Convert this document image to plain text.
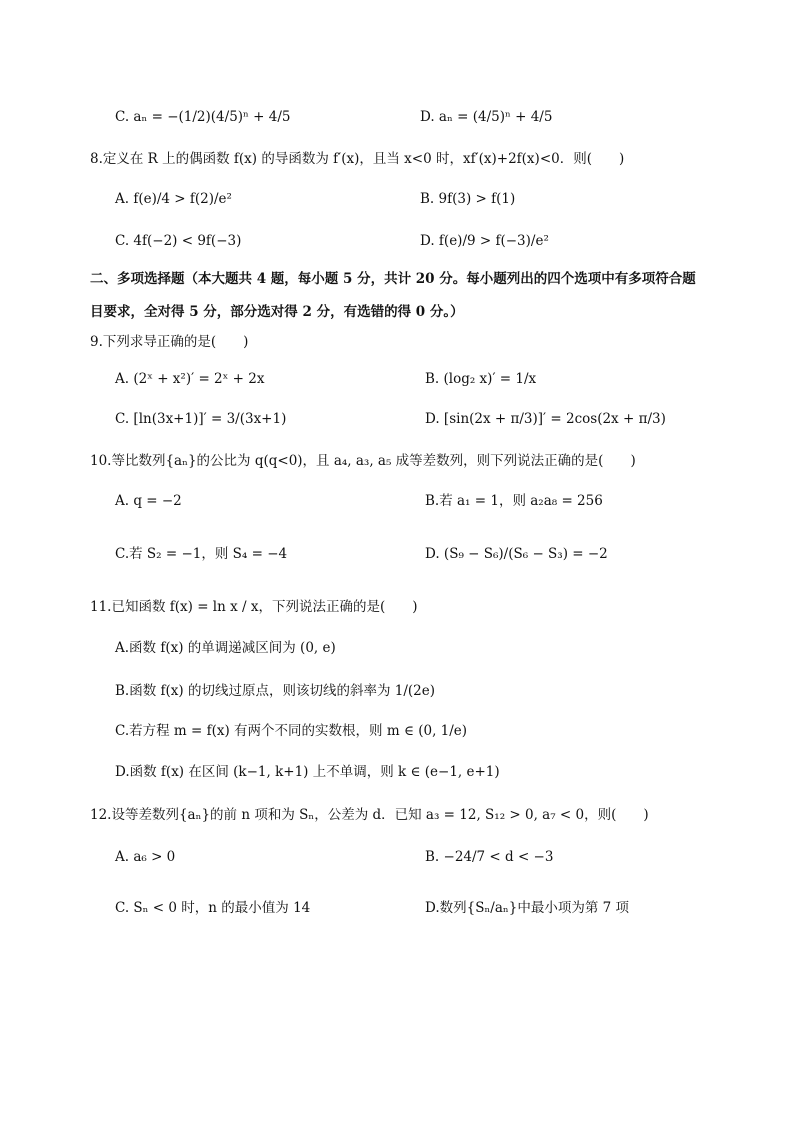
C. aₙ = −(1/2)(4/5)ⁿ + 4/5	D. aₙ = (4/5)ⁿ + 4/5
8.定义在 R 上的偶函数 f(x) 的导函数为 f′(x)，且当 x<0 时，xf′(x)+2f(x)<0．则(　　)
A. f(e)/4 > f(2)/e²	B. 9f(3) > f(1)
C. 4f(−2) < 9f(−3)	D. f(e)/9 > f(−3)/e²
二、多项选择题（本大题共 4 题，每小题 5 分，共计 20 分。每小题列出的四个选项中有多项符合题
目要求，全对得 5 分，部分选对得 2 分，有选错的得 0 分。）
9.下列求导正确的是(　　)
A. (2ˣ + x²)′ = 2ˣ + 2x	B. (log₂ x)′ = 1/x
C. [ln(3x+1)]′ = 3/(3x+1)	D. [sin(2x + π/3)]′ = 2cos(2x + π/3)
10.等比数列{aₙ}的公比为 q(q<0)，且 a₄, a₃, a₅ 成等差数列，则下列说法正确的是(　　)
A. q = −2	B.若 a₁ = 1，则 a₂a₈ = 256
C.若 S₂ = −1，则 S₄ = −4	D. (S₉ − S₆)/(S₆ − S₃) = −2
11.已知函数 f(x) = ln x / x，下列说法正确的是(　　)
A.函数 f(x) 的单调递减区间为 (0, e)
B.函数 f(x) 的切线过原点，则该切线的斜率为 1/(2e)
C.若方程 m = f(x) 有两个不同的实数根，则 m ∈ (0, 1/e)
D.函数 f(x) 在区间 (k−1, k+1) 上不单调，则 k ∈ (e−1, e+1)
12.设等差数列{aₙ}的前 n 项和为 Sₙ，公差为 d．已知 a₃ = 12, S₁₂ > 0, a₇ < 0，则(　　)
A. a₆ > 0	B. −24/7 < d < −3
C. Sₙ < 0 时，n 的最小值为 14	D.数列{Sₙ/aₙ}中最小项为第 7 项
